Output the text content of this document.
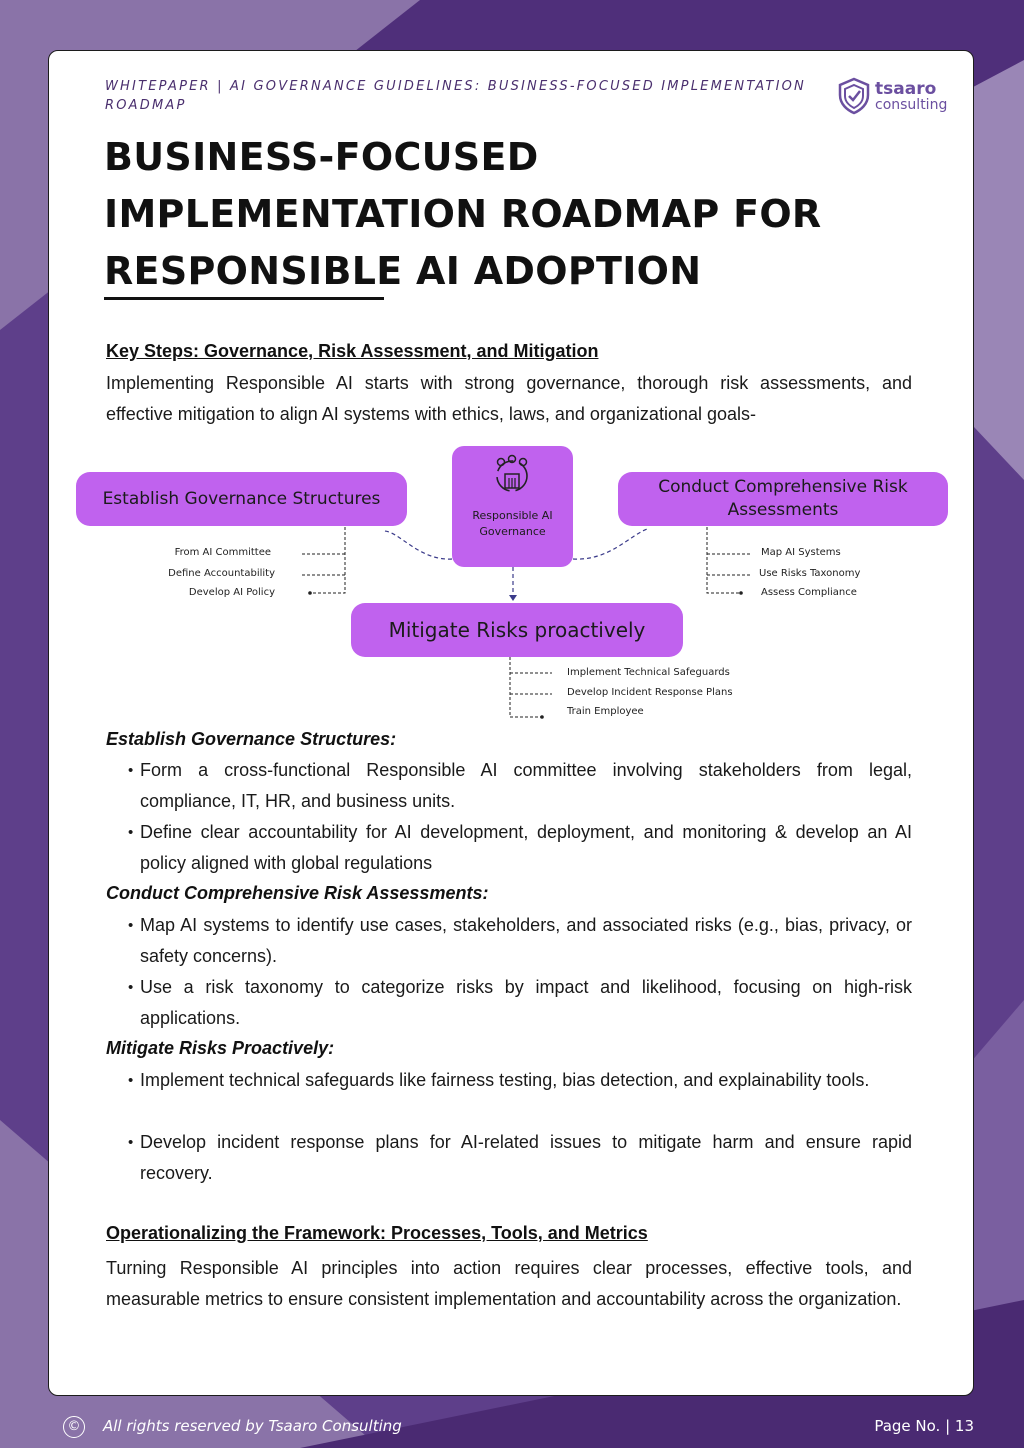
WHITEPAPER | AI GOVERNANCE GUIDELINES: BUSINESS-FOCUSED IMPLEMENTATION ROADMAP
tsaaro
consulting
BUSINESS-FOCUSED IMPLEMENTATION ROADMAP FOR RESPONSIBLE AI ADOPTION
Key Steps: Governance, Risk Assessment, and Mitigation
Implementing Responsible AI starts with strong governance, thorough risk assessments, and effective mitigation to align AI systems with ethics, laws, and organizational goals-
Establish Governance Structures
Conduct Comprehensive Risk Assessments
Mitigate Risks proactively
Responsible AI Governance
From AI Committee
Define Accountability
Develop AI Policy
Map AI Systems
Use Risks Taxonomy
Assess Compliance
Implement Technical Safeguards
Develop Incident Response Plans
Train Employee
Establish Governance Structures:
• Form a cross-functional Responsible AI committee involving stakeholders from legal, compliance, IT, HR, and business units.
• Define clear accountability for AI development, deployment, and monitoring & develop an AI policy aligned with global regulations
Conduct Comprehensive Risk Assessments:
• Map AI systems to identify use cases, stakeholders, and associated risks (e.g., bias, privacy, or safety concerns).
• Use a risk taxonomy to categorize risks by impact and likelihood, focusing on high-risk applications.
Mitigate Risks Proactively:
• Implement technical safeguards like fairness testing, bias detection, and explainability tools.
• Develop incident response plans for AI-related issues to mitigate harm and ensure rapid recovery.
Operationalizing the Framework: Processes, Tools, and Metrics
Turning Responsible AI principles into action requires clear processes, effective tools, and measurable metrics to ensure consistent implementation and accountability across the organization.
©	All rights reserved by Tsaaro Consulting	Page No. | 13
